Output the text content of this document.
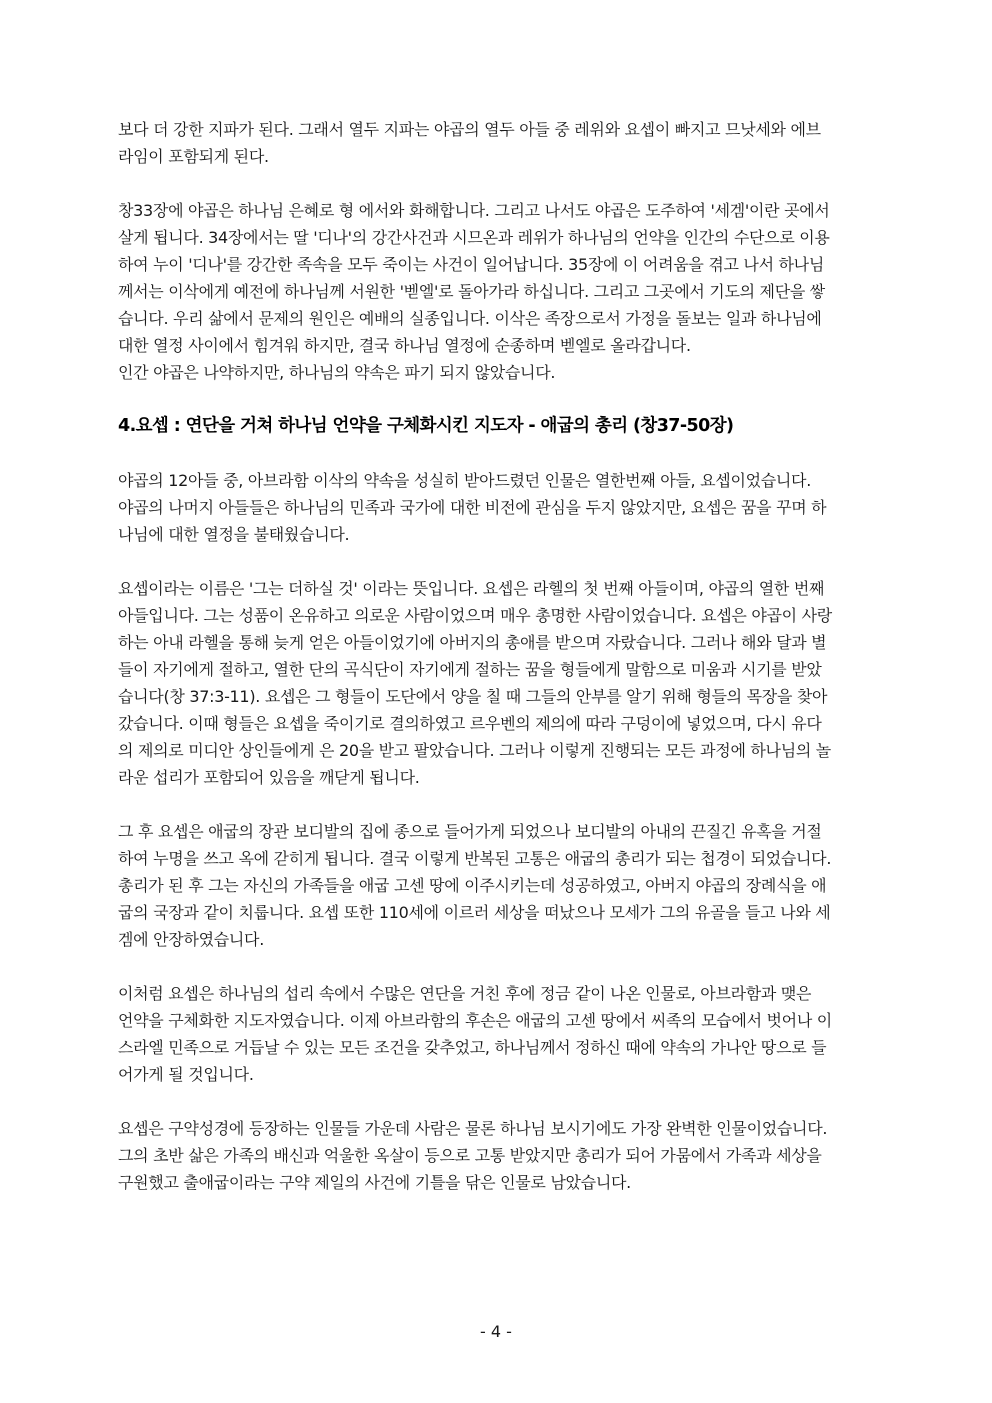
보다 더 강한 지파가 된다. 그래서 열두 지파는 야곱의 열두 아들 중 레위와 요셉이 빠지고 므낫세와 에브
라임이 포함되게 된다.
창33장에 야곱은 하나님 은혜로 형 에서와 화해합니다. 그리고 나서도 야곱은 도주하여 '세겜'이란 곳에서
살게 됩니다. 34장에서는 딸 '디나'의 강간사건과 시므온과 레위가 하나님의 언약을 인간의 수단으로 이용
하여 누이 '디나'를 강간한 족속을 모두 죽이는 사건이 일어납니다. 35장에 이 어려움을 겪고 나서 하나님
께서는 이삭에게 예전에 하나님께 서원한 '벧엘'로 돌아가라 하십니다. 그리고 그곳에서 기도의 제단을 쌓
습니다. 우리 삶에서 문제의 원인은 예배의 실종입니다. 이삭은 족장으로서 가정을 돌보는 일과 하나님에
대한 열정 사이에서 힘겨워 하지만, 결국 하나님 열정에 순종하며 벧엘로 올라갑니다.
인간 야곱은 나약하지만, 하나님의 약속은 파기 되지 않았습니다.
4.요셉 : 연단을 거쳐 하나님 언약을 구체화시킨 지도자 - 애굽의 총리 (창37-50장)
야곱의 12아들 중, 아브라함 이삭의 약속을 성실히 받아드렸던 인물은 열한번째 아들, 요셉이었습니다.
야곱의 나머지 아들들은 하나님의 민족과 국가에 대한 비전에 관심을 두지 않았지만, 요셉은 꿈을 꾸며 하
나님에 대한 열정을 불태웠습니다.
요셉이라는 이름은 '그는 더하실 것' 이라는 뜻입니다. 요셉은 라헬의 첫 번째 아들이며, 야곱의 열한 번째
아들입니다. 그는 성품이 온유하고 의로운 사람이었으며 매우 총명한 사람이었습니다. 요셉은 야곱이 사랑
하는 아내 라헬을 통해 늦게 얻은 아들이었기에 아버지의 총애를 받으며 자랐습니다. 그러나 해와 달과 별
들이 자기에게 절하고, 열한 단의 곡식단이 자기에게 절하는 꿈을 형들에게 말함으로 미움과 시기를 받았
습니다(창 37:3-11). 요셉은 그 형들이 도단에서 양을 칠 때 그들의 안부를 알기 위해 형들의 목장을 찾아
갔습니다. 이때 형들은 요셉을 죽이기로 결의하였고 르우벤의 제의에 따라 구덩이에 넣었으며, 다시 유다
의 제의로 미디안 상인들에게 은 20을 받고 팔았습니다. 그러나 이렇게 진행되는 모든 과정에 하나님의 놀
라운 섭리가 포함되어 있음을 깨닫게 됩니다.
그 후 요셉은 애굽의 장관 보디발의 집에 종으로 들어가게 되었으나 보디발의 아내의 끈질긴 유혹을 거절
하여 누명을 쓰고 옥에 갇히게 됩니다. 결국 이렇게 반복된 고통은 애굽의 총리가 되는 첩경이 되었습니다.
총리가 된 후 그는 자신의 가족들을 애굽 고센 땅에 이주시키는데 성공하였고, 아버지 야곱의 장례식을 애
굽의 국장과 같이 치룹니다. 요셉 또한 110세에 이르러 세상을 떠났으나 모세가 그의 유골을 들고 나와 세
겜에 안장하였습니다.
이처럼 요셉은 하나님의 섭리 속에서 수많은 연단을 거친 후에 정금 같이 나온 인물로, 아브라함과 맺은
언약을 구체화한 지도자였습니다. 이제 아브라함의 후손은 애굽의 고센 땅에서 씨족의 모습에서 벗어나 이
스라엘 민족으로 거듭날 수 있는 모든 조건을 갖추었고, 하나님께서 정하신 때에 약속의 가나안 땅으로 들
어가게 될 것입니다.
요셉은 구약성경에 등장하는 인물들 가운데 사람은 물론 하나님 보시기에도 가장 완벽한 인물이었습니다.
그의 초반 삶은 가족의 배신과 억울한 옥살이 등으로 고통 받았지만 총리가 되어 가뭄에서 가족과 세상을
구원했고 출애굽이라는 구약 제일의 사건에 기틀을 닦은 인물로 남았습니다.
- 4 -
